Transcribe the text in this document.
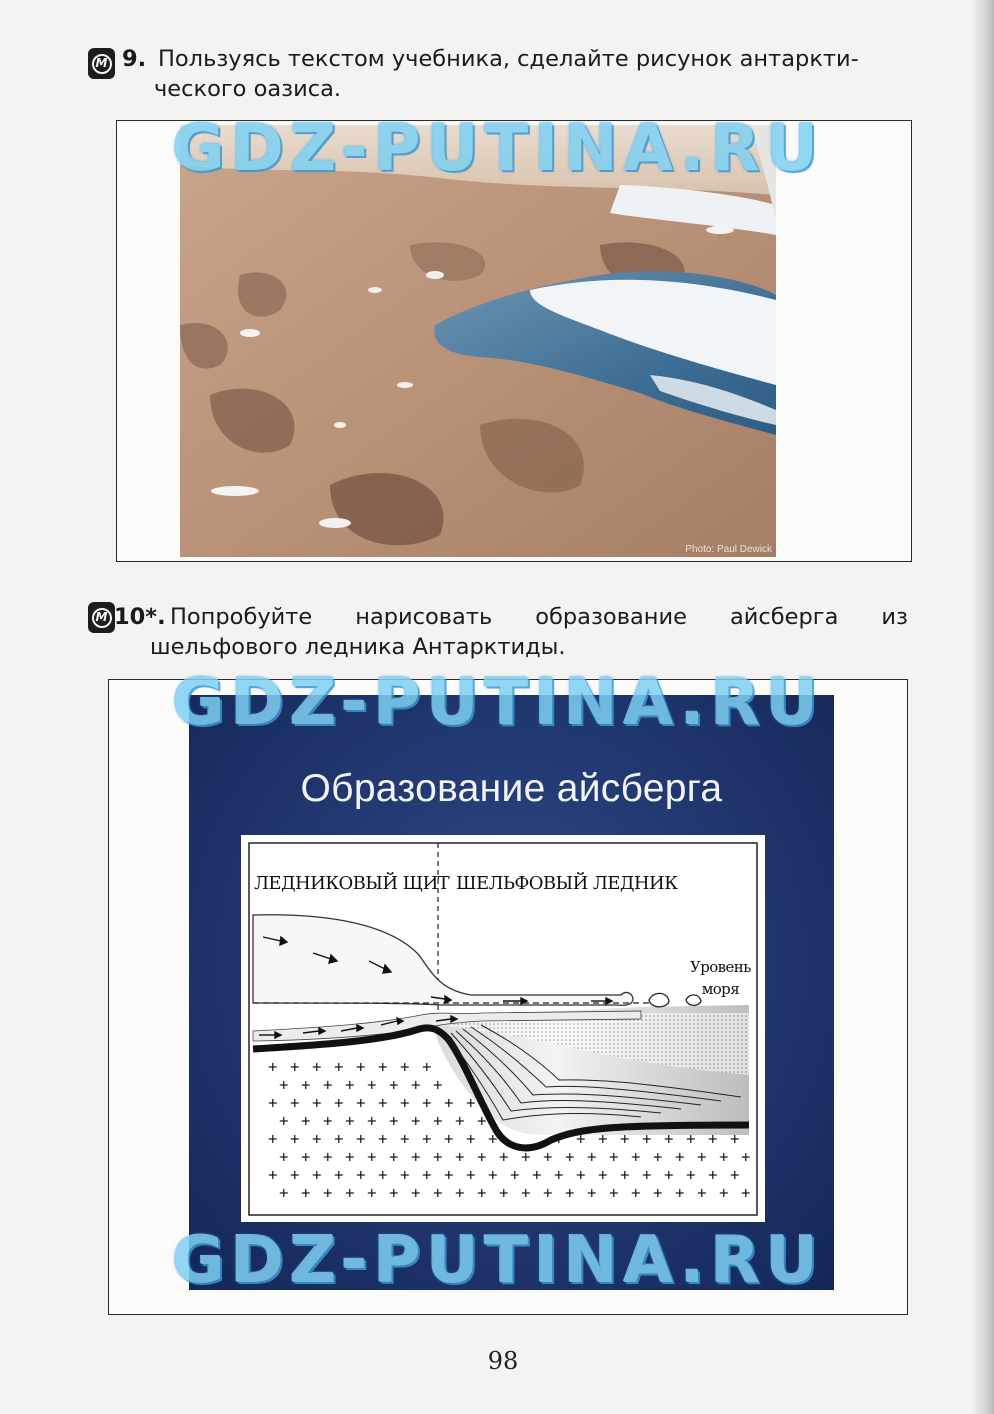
М 9. Пользуясь текстом учебника, сделайте рисунок антаркти-
ческого оазиса.
Photo: Paul Dewick
М 10*. Попробуйте нарисовать образование айсберга из
шельфового ледника Антарктиды.
Образование айсберга
ЛЕДНИКОВЫЙ ЩИТ ШЕЛЬФОВЫЙ ЛЕДНИК
Уровень
моря
98
GDZ-PUTINA.RU
GDZ-PUTINA.RU
GDZ-PUTINA.RU
